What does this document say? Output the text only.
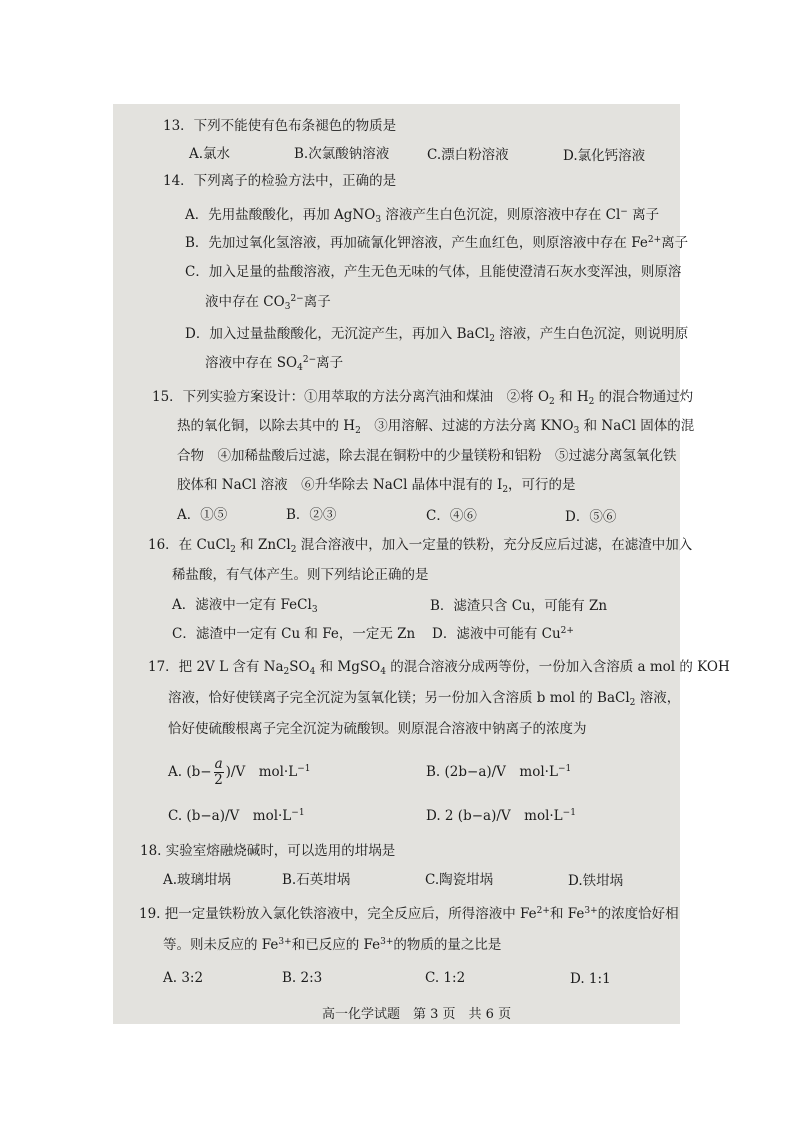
13．下列不能使有色布条褪色的物质是
A.氯水	B.次氯酸钠溶液	C.漂白粉溶液	D.氯化钙溶液
14．下列离子的检验方法中，正确的是
A．先用盐酸酸化，再加 AgNO$_3$ 溶液产生白色沉淀，则原溶液中存在 Cl− 离子
B．先加过氧化氢溶液，再加硫氰化钾溶液，产生血红色，则原溶液中存在 $Fe^{2+}$离子
C．加入足量的盐酸溶液，产生无色无味的气体，且能使澄清石灰水变浑浊，则原溶
液中存在 $CO_3^{2-}$离子
D．加入过量盐酸酸化，无沉淀产生，再加入 BaCl$_2$ 溶液，产生白色沉淀，则说明原
溶液中存在 $SO_4^{2-}$离子
15．下列实验方案设计：①用萃取的方法分离汽油和煤油　②将 $O_2$ 和 $H_2$ 的混合物通过灼
热的氧化铜，以除去其中的 $H_2$　③用溶解、过滤的方法分离 $KNO_3$ 和 NaCl 固体的混
合物　④加稀盐酸后过滤，除去混在铜粉中的少量镁粉和铝粉　⑤过滤分离氢氧化铁
胶体和 NaCl 溶液　⑥升华除去 NaCl 晶体中混有的 $I_2$，可行的是
A．①⑤	B．②③	C．④⑥	D．⑤⑥
16．在 CuCl$_2$ 和 ZnCl$_2$ 混合溶液中，加入一定量的铁粉，充分反应后过滤，在滤渣中加入
稀盐酸，有气体产生。则下列结论正确的是
A．滤液中一定有 FeCl$_3$	B．滤渣只含 Cu，可能有 Zn
C．滤渣中一定有 Cu 和 Fe，一定无 Zn D．滤液中可能有 $Cu^{2+}$
17．把 2V L 含有 $Na_2SO_4$ 和 MgSO$_4$ 的混合溶液分成两等份，一份加入含溶质 a mol 的 KOH
溶液，恰好使镁离子完全沉淀为氢氧化镁；另一份加入含溶质 b mol 的 BaCl$_2$ 溶液，
恰好使硫酸根离子完全沉淀为硫酸钡。则原混合溶液中钠离子的浓度为
A. $(b- \frac{a}{2} )/V$　$mol\cdot L^{-1}$	B. (2b−a)/V　$mol\cdot L^{-1}$
C. (b−a)/V　$mol\cdot L^{-1}$	D. 2 (b−a)/V　$mol\cdot L^{-1}$
18. 实验室熔融烧碱时，可以选用的坩埚是
A.玻璃坩埚	B.石英坩埚	C.陶瓷坩埚	D.铁坩埚
19. 把一定量铁粉放入氯化铁溶液中，完全反应后，所得溶液中 $Fe^{2+}$和 $Fe^{3+}$的浓度恰好相
等。则未反应的 $Fe^{3+}$和已反应的 $Fe^{3+}$的物质的量之比是
A. 3:2	B. 2:3	C. 1:2	D. 1:1
高一化学试题　第 3 页　共 6 页
